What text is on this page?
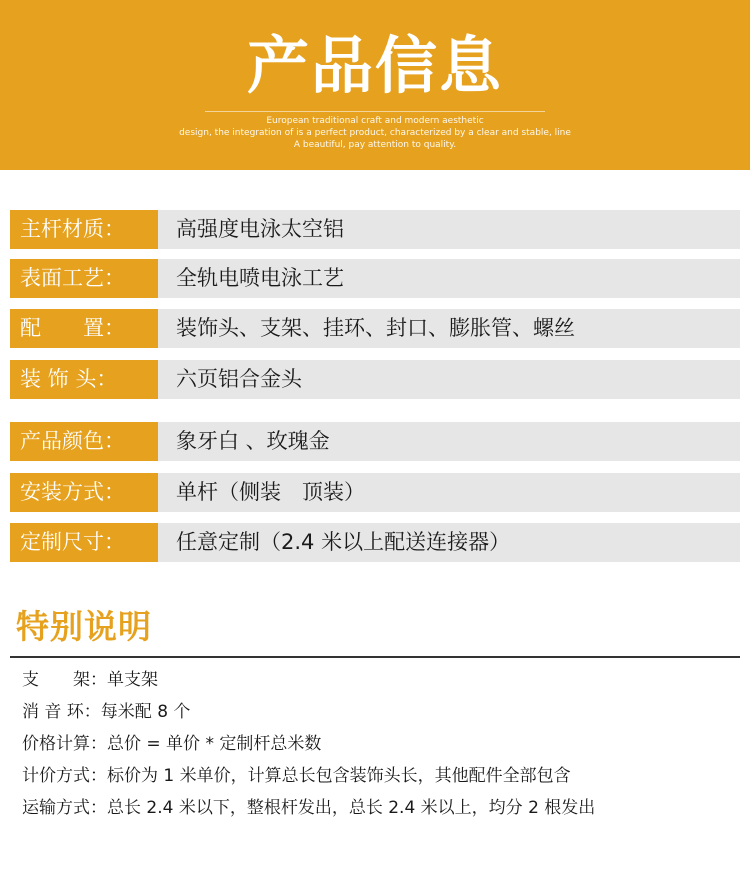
产品信息
European traditional craft and modern aesthetic
design, the integration of is a perfect product, characterized by a clear and stable, line
A beautiful, pay attention to quality.
主杆材质：	高强度电泳太空铝
表面工艺：	全轨电喷电泳工艺
配　　置：	装饰头、支架、挂环、封口、膨胀管、螺丝
装 饰 头：	六页铝合金头
产品颜色：	象牙白 、玫瑰金
安装方式：	单杆（侧装　顶装）
定制尺寸：	任意定制（2.4 米以上配送连接器）
特别说明
支　　架：单支架
消 音 环：每米配 8 个
价格计算：总价 = 单价 * 定制杆总米数
计价方式：标价为 1 米单价，计算总长包含装饰头长，其他配件全部包含
运输方式：总长 2.4 米以下，整根杆发出，总长 2.4 米以上，均分 2 根发出
